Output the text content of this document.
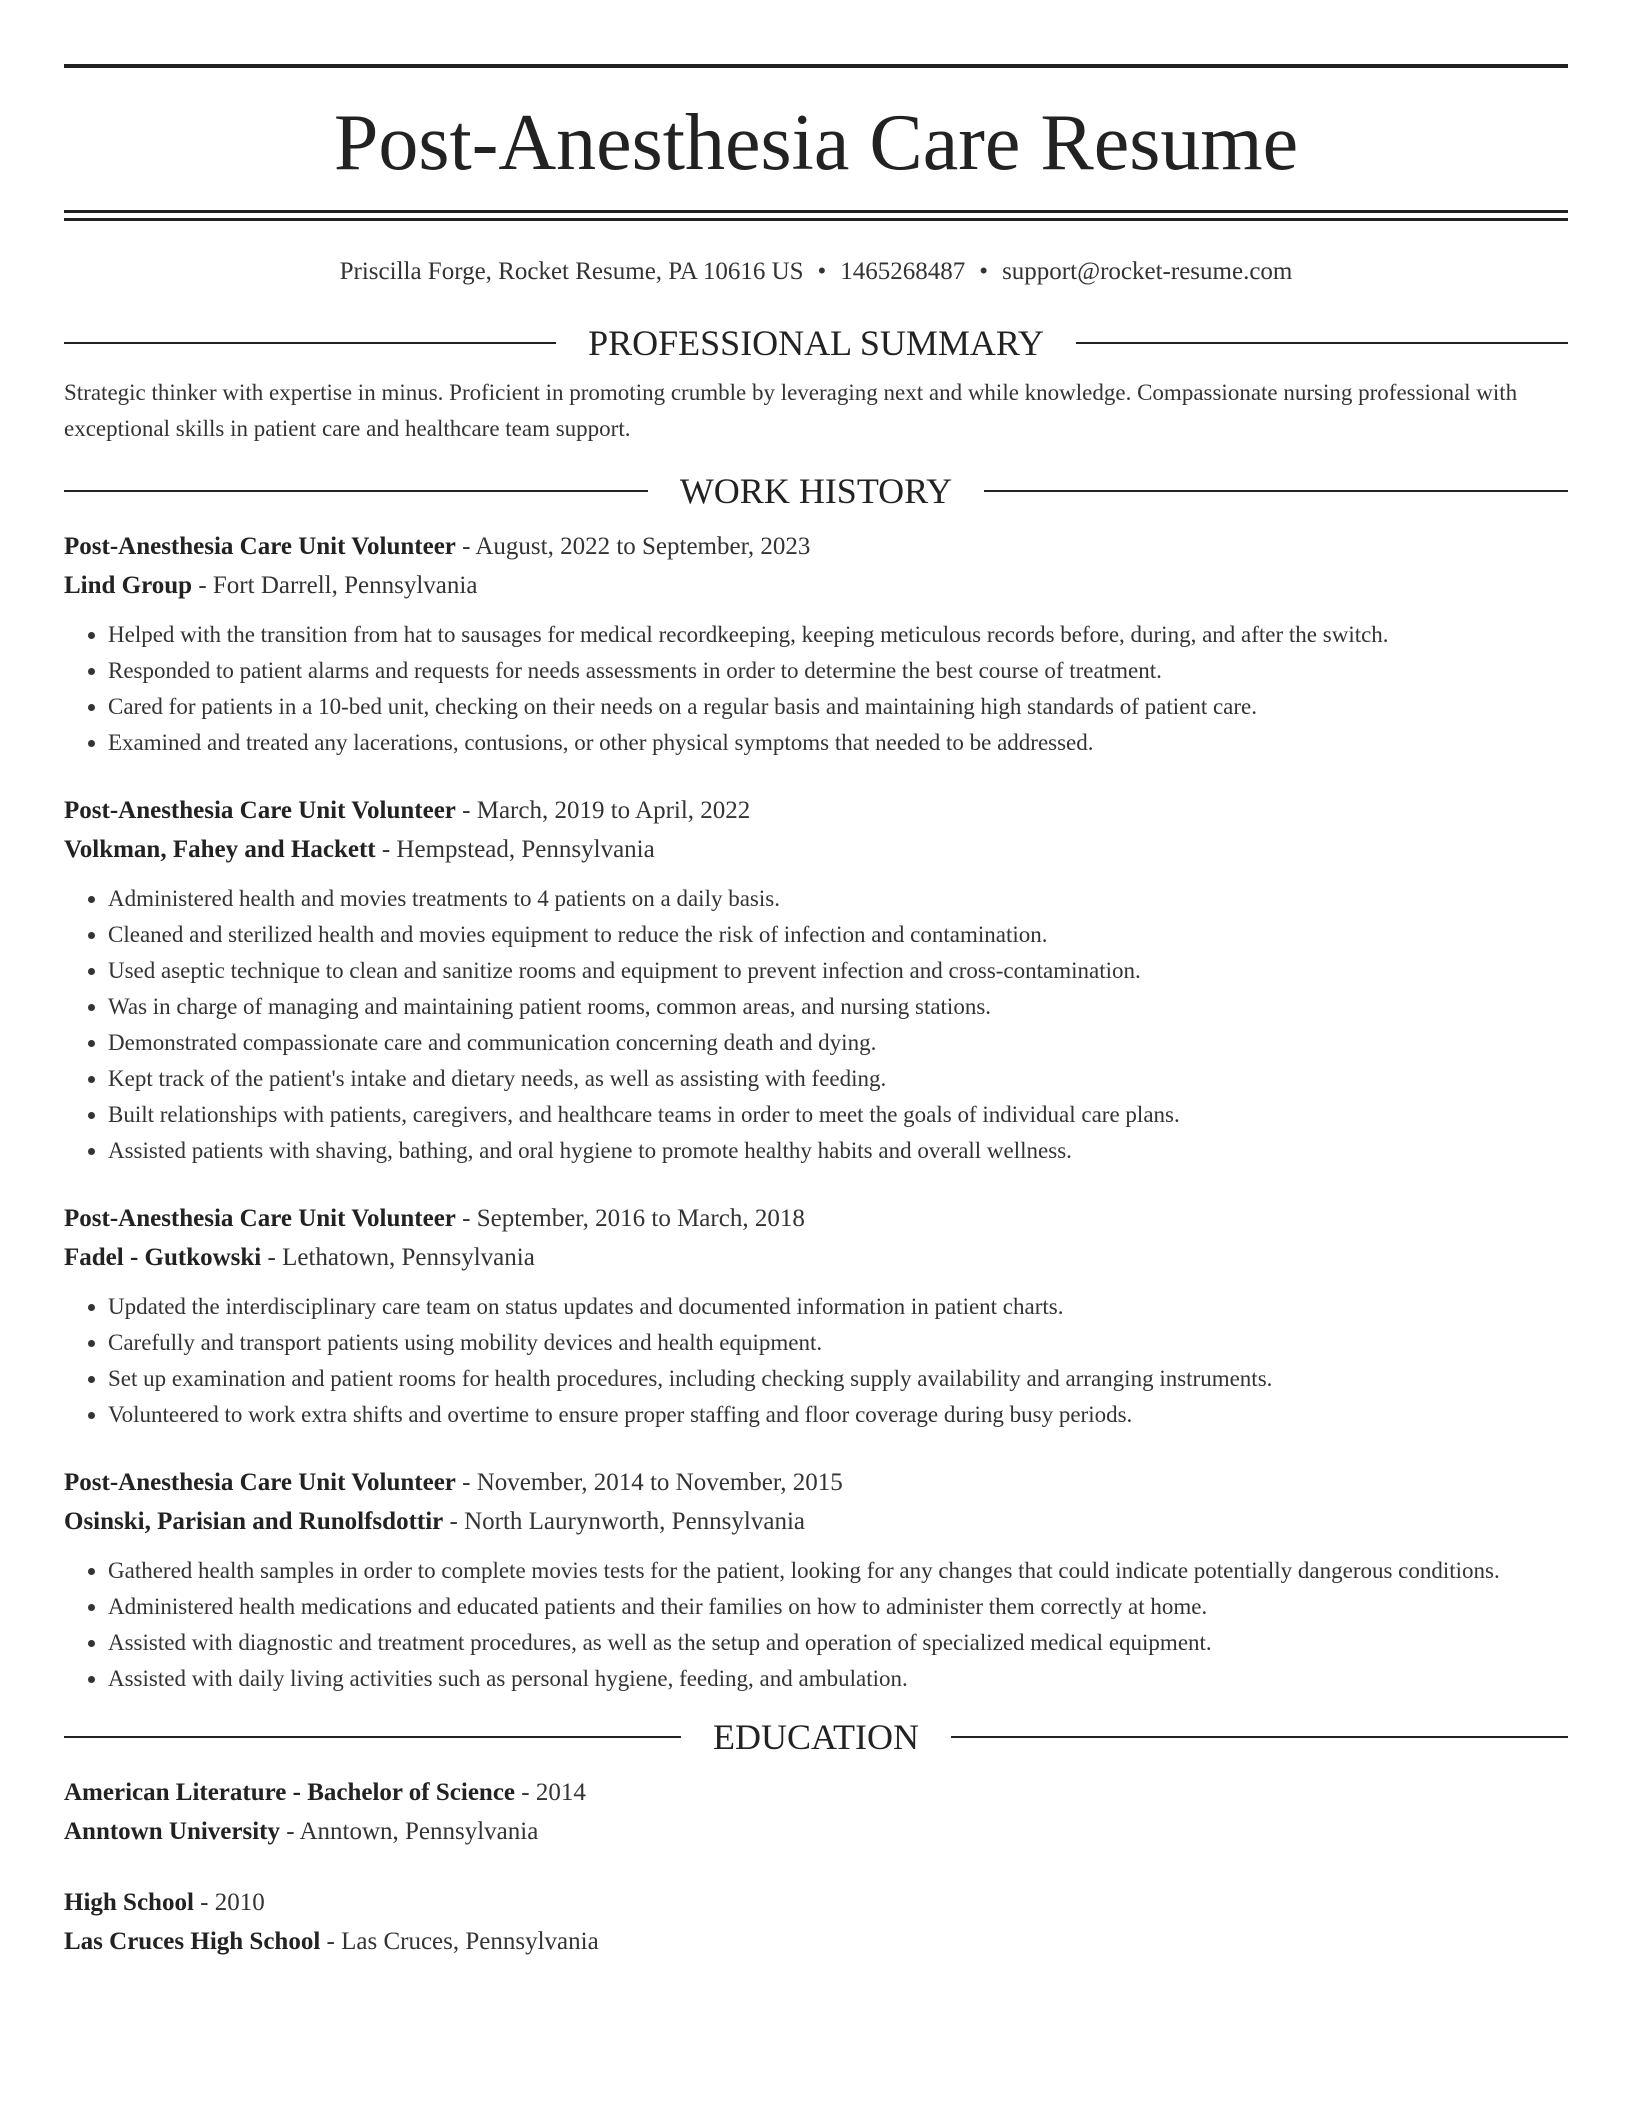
Post-Anesthesia Care Resume
Priscilla Forge, Rocket Resume, PA 10616 US • 1465268487 • support@rocket-resume.com
PROFESSIONAL SUMMARY
Strategic thinker with expertise in minus. Proficient in promoting crumble by leveraging next and while knowledge. Compassionate nursing professional with exceptional skills in patient care and healthcare team support.
WORK HISTORY
Post-Anesthesia Care Unit Volunteer - August, 2022 to September, 2023
Lind Group - Fort Darrell, Pennsylvania
• Helped with the transition from hat to sausages for medical recordkeeping, keeping meticulous records before, during, and after the switch.
• Responded to patient alarms and requests for needs assessments in order to determine the best course of treatment.
• Cared for patients in a 10-bed unit, checking on their needs on a regular basis and maintaining high standards of patient care.
• Examined and treated any lacerations, contusions, or other physical symptoms that needed to be addressed.
Post-Anesthesia Care Unit Volunteer - March, 2019 to April, 2022
Volkman, Fahey and Hackett - Hempstead, Pennsylvania
• Administered health and movies treatments to 4 patients on a daily basis.
• Cleaned and sterilized health and movies equipment to reduce the risk of infection and contamination.
• Used aseptic technique to clean and sanitize rooms and equipment to prevent infection and cross-contamination.
• Was in charge of managing and maintaining patient rooms, common areas, and nursing stations.
• Demonstrated compassionate care and communication concerning death and dying.
• Kept track of the patient's intake and dietary needs, as well as assisting with feeding.
• Built relationships with patients, caregivers, and healthcare teams in order to meet the goals of individual care plans.
• Assisted patients with shaving, bathing, and oral hygiene to promote healthy habits and overall wellness.
Post-Anesthesia Care Unit Volunteer - September, 2016 to March, 2018
Fadel - Gutkowski - Lethatown, Pennsylvania
• Updated the interdisciplinary care team on status updates and documented information in patient charts.
• Carefully and transport patients using mobility devices and health equipment.
• Set up examination and patient rooms for health procedures, including checking supply availability and arranging instruments.
• Volunteered to work extra shifts and overtime to ensure proper staffing and floor coverage during busy periods.
Post-Anesthesia Care Unit Volunteer - November, 2014 to November, 2015
Osinski, Parisian and Runolfsdottir - North Laurynworth, Pennsylvania
• Gathered health samples in order to complete movies tests for the patient, looking for any changes that could indicate potentially dangerous conditions.
• Administered health medications and educated patients and their families on how to administer them correctly at home.
• Assisted with diagnostic and treatment procedures, as well as the setup and operation of specialized medical equipment.
• Assisted with daily living activities such as personal hygiene, feeding, and ambulation.
EDUCATION
American Literature - Bachelor of Science - 2014
Anntown University - Anntown, Pennsylvania
High School - 2010
Las Cruces High School - Las Cruces, Pennsylvania
